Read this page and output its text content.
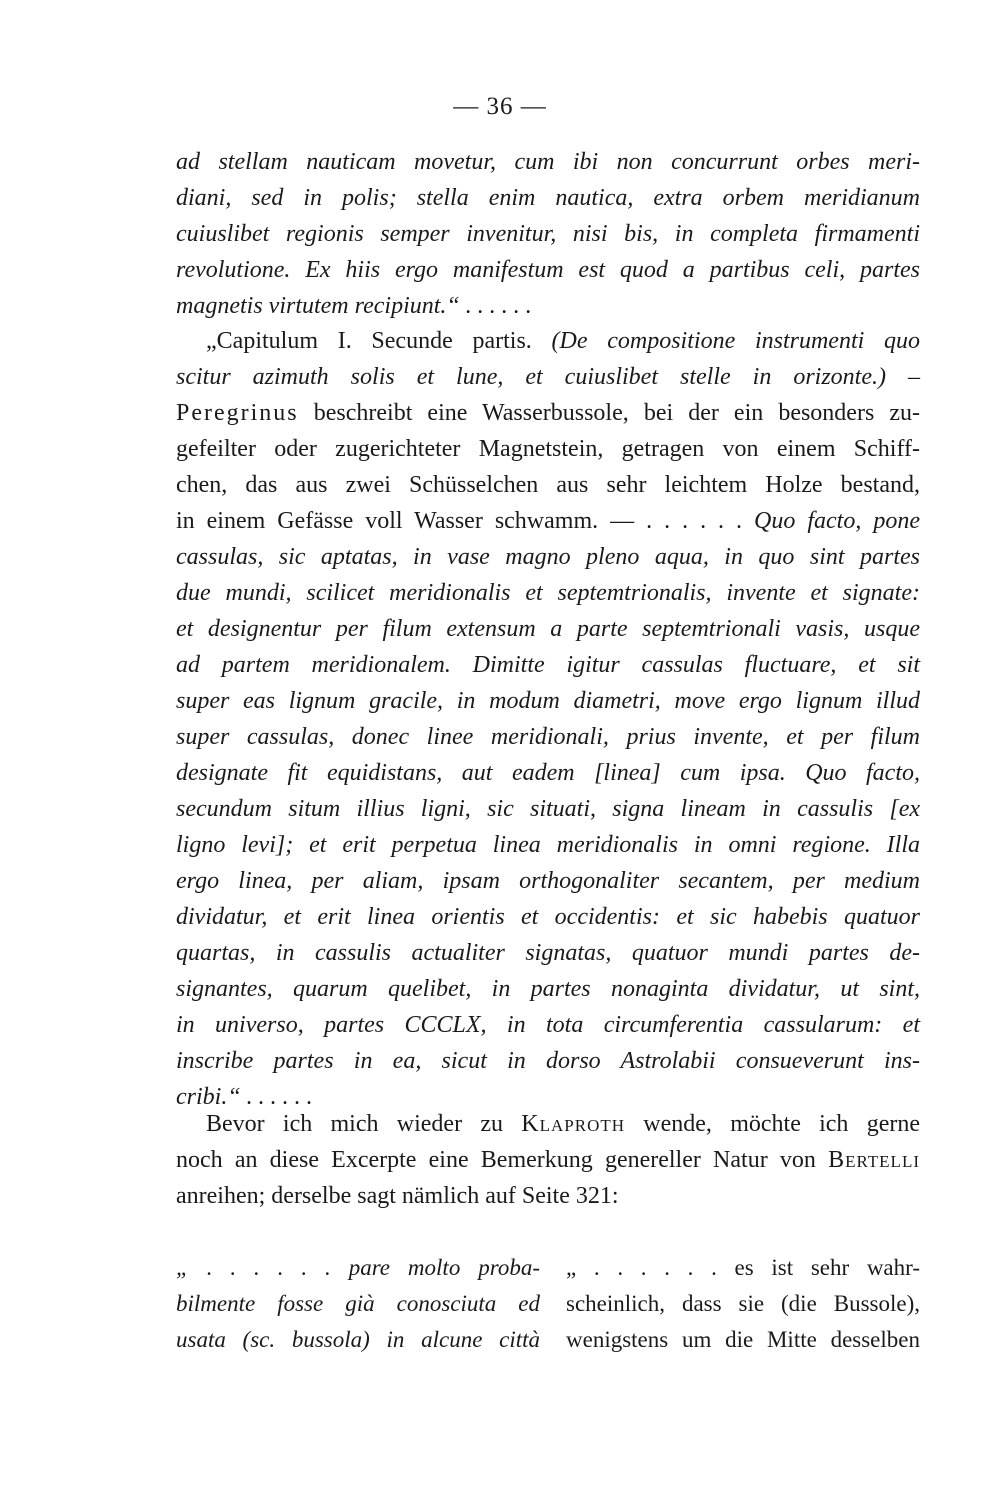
— 36 —
ad stellam nauticam movetur, cum ibi non concurrunt orbes meri-
diani, sed in polis; stella enim nautica, extra orbem meridianum
cuiuslibet regionis semper invenitur, nisi bis, in completa firmamenti
revolutione. Ex hiis ergo manifestum est quod a partibus celi, partes
magnetis virtutem recipiunt.“ . . . . . .
„Capitulum I. Secunde partis. (De compositione instrumenti quo
scitur azimuth solis et lune, et cuiuslibet stelle in orizonte.) –
Peregrinus beschreibt eine Wasserbussole, bei der ein besonders zu-
gefeilter oder zugerichteter Magnetstein, getragen von einem Schiff-
chen, das aus zwei Schüsselchen aus sehr leichtem Holze bestand,
in einem Gefässe voll Wasser schwamm. — . . . . . . Quo facto, pone
cassulas, sic aptatas, in vase magno pleno aqua, in quo sint partes
due mundi, scilicet meridionalis et septemtrionalis, invente et signate:
et designentur per filum extensum a parte septemtrionali vasis, usque
ad partem meridionalem. Dimitte igitur cassulas fluctuare, et sit
super eas lignum gracile, in modum diametri, move ergo lignum illud
super cassulas, donec linee meridionali, prius invente, et per filum
designate fit equidistans, aut eadem [linea] cum ipsa. Quo facto,
secundum situm illius ligni, sic situati, signa lineam in cassulis [ex
ligno levi]; et erit perpetua linea meridionalis in omni regione. Illa
ergo linea, per aliam, ipsam orthogonaliter secantem, per medium
dividatur, et erit linea orientis et occidentis: et sic habebis quatuor
quartas, in cassulis actualiter signatas, quatuor mundi partes de-
signantes, quarum quelibet, in partes nonaginta dividatur, ut sint,
in universo, partes CCCLX, in tota circumferentia cassularum: et
inscribe partes in ea, sicut in dorso Astrolabii consueverunt ins-
cribi.“ . . . . . .
Bevor ich mich wieder zu Klaproth wende, möchte ich gerne
noch an diese Excerpte eine Bemerkung genereller Natur von Bertelli
anreihen; derselbe sagt nämlich auf Seite 321:
„ . . . . . . pare molto proba-
bilmente fosse già conosciuta ed
usata (sc. bussola) in alcune città
„ . . . . . . es ist sehr wahr-
scheinlich, dass sie (die Bussole),
wenigstens um die Mitte desselben
